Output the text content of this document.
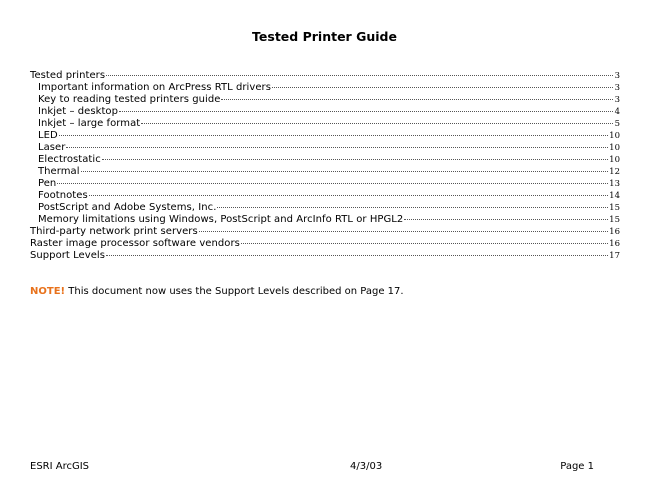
Tested Printer Guide
Tested printers	3
Important information on ArcPress RTL drivers	3
Key to reading tested printers guide	3
Inkjet – desktop	4
Inkjet – large format	5
LED	10
Laser	10
Electrostatic	10
Thermal	12
Pen	13
Footnotes	14
PostScript and Adobe Systems, Inc.	15
Memory limitations using Windows, PostScript and ArcInfo RTL or HPGL2	15
Third-party network print servers	16
Raster image processor software vendors	16
Support Levels	17
NOTE! This document now uses the Support Levels described on Page 17.
ESRI ArcGIS	4/3/03	Page 1
